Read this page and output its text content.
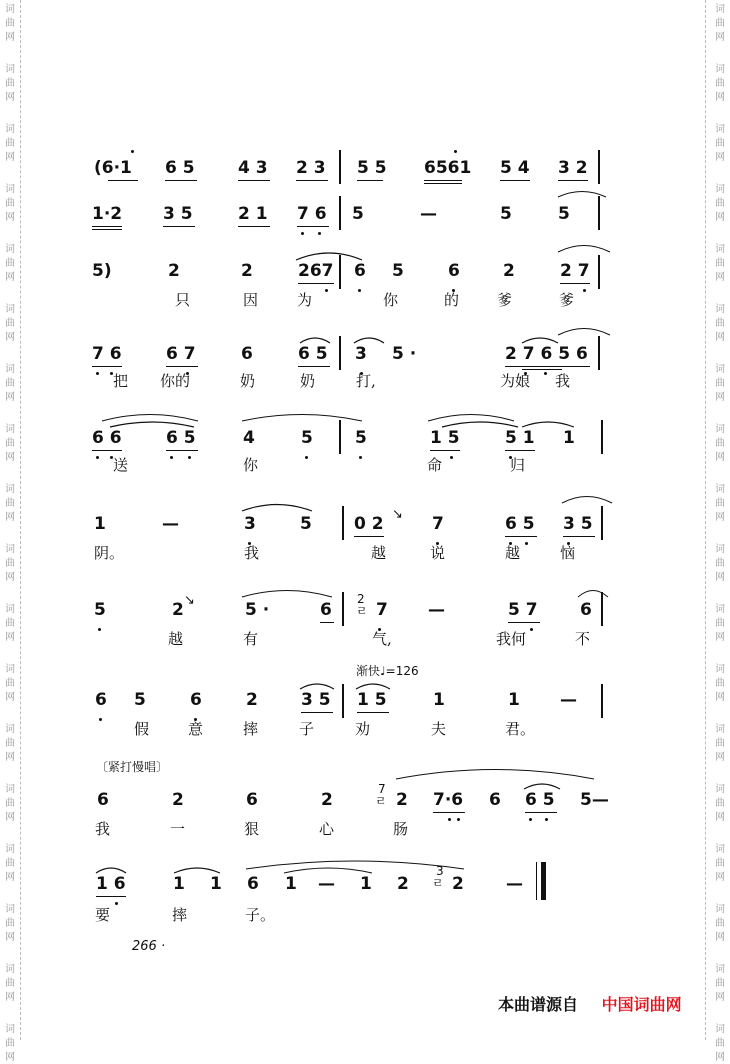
词
曲
网
词
曲
网
词
曲
网
词
曲
网
词
曲
网
词
曲
网
词
曲
网
词
曲
网
词
曲
网
词
曲
网
词
曲
网
词
曲
网
词
曲
网
词
曲
网
词
曲
网
词
曲
网
词
曲
网
词
曲
网
词
曲
网
词
曲
网
词
曲
网
词
曲
网
词
曲
网
词
曲
网
词
曲
网
词
曲
网
词
曲
网
词
曲
网
词
曲
网
词
曲
网
词
曲
网
词
曲
网
词
曲
网
词
曲
网
词
曲
网
词
曲
网
(6·1 6 5	4 3 2 3 5 5 6561 5 4 3 2
1·2 3 5	2 1 7 6 5	—	5	5
5)	2	2	267 6 5	6	2	2 7
只	因	为	你	的	爹	爹
7 6	6 7	6	6 5 3 5 ·	2 7 6 5 6
把 你的	奶	奶	打,	为娘 我
6 6	6 5	4	5 5	1 5	5 1 1
送	你	命	归
1	—	3	5 0 2 ↘ 7	6 5 3 5
阴。	我	越	说	越	恼
5	2 ↘	5 ·	6
2
ㄹ 7 —	5 7 6
越	有	气,	我何	不
渐快♩=126
6 5	6	2	3 5 1 5	1	1 —
假	意	摔	子	劝	夫	君。
〔紧打慢唱〕
6	2	6	2
7
ㄹ 2 7·6 6 6 5 5—
我	一	狠	心	肠
1 6	1 1 6 1 — 1 2
3
ㄹ 2 —
要	摔	子。
266 ·
本曲谱源自 中国词曲网
